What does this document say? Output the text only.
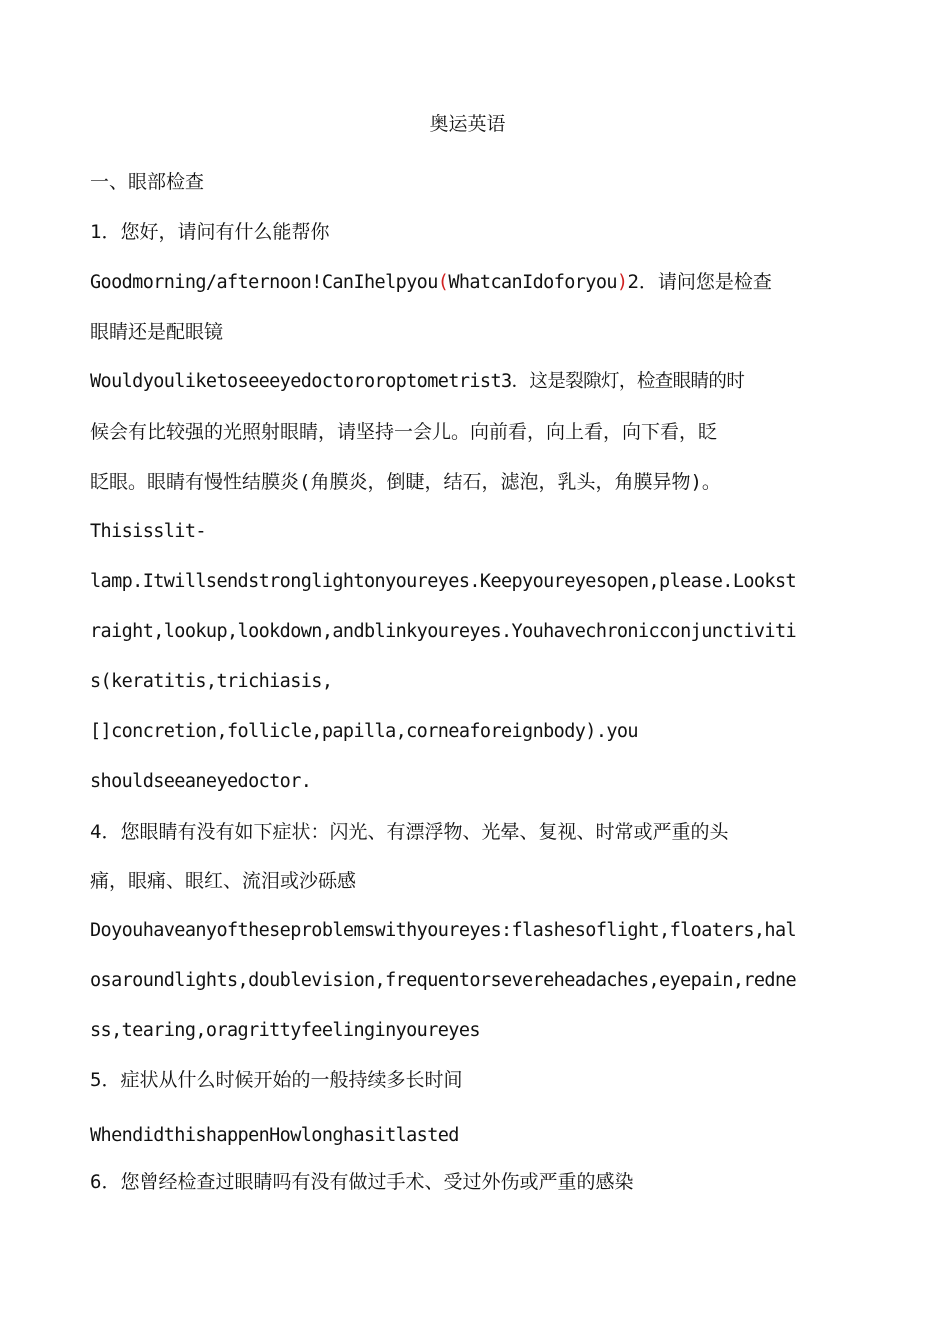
奥运英语
一、眼部检查
1．您好，请问有什么能帮你
Goodmorning/afternoon!CanIhelpyou(WhatcanIdoforyou)2．请问您是检查
眼睛还是配眼镜
Wouldyouliketoseeeyedoctororoptometrist3．这是裂隙灯，检查眼睛的时
候会有比较强的光照射眼睛，请坚持一会儿。向前看，向上看，向下看，眨
眨眼。眼睛有慢性结膜炎(角膜炎，倒睫，结石，滤泡，乳头，角膜异物)。
Thisisslit-
lamp.Itwillsendstronglightonyoureyes.Keepyoureyesopen,please.Lookst
raight,lookup,lookdown,andblinkyoureyes.Youhavechronicconjunctiviti
s(keratitis,trichiasis,
[]concretion,follicle,papilla,corneaforeignbody).you
shouldseeaneyedoctor.
4．您眼睛有没有如下症状：闪光、有漂浮物、光晕、复视、时常或严重的头
痛，眼痛、眼红、流泪或沙砾感
Doyouhaveanyoftheseproblemswithyoureyes:flashesoflight,floaters,hal
osaroundlights,doublevision,frequentorsevereheadaches,eyepain,redne
ss,tearing,oragrittyfeelinginyoureyes
5．症状从什么时候开始的一般持续多长时间
WhendidthishappenHowlonghasitlasted
6．您曾经检查过眼睛吗有没有做过手术、受过外伤或严重的感染
